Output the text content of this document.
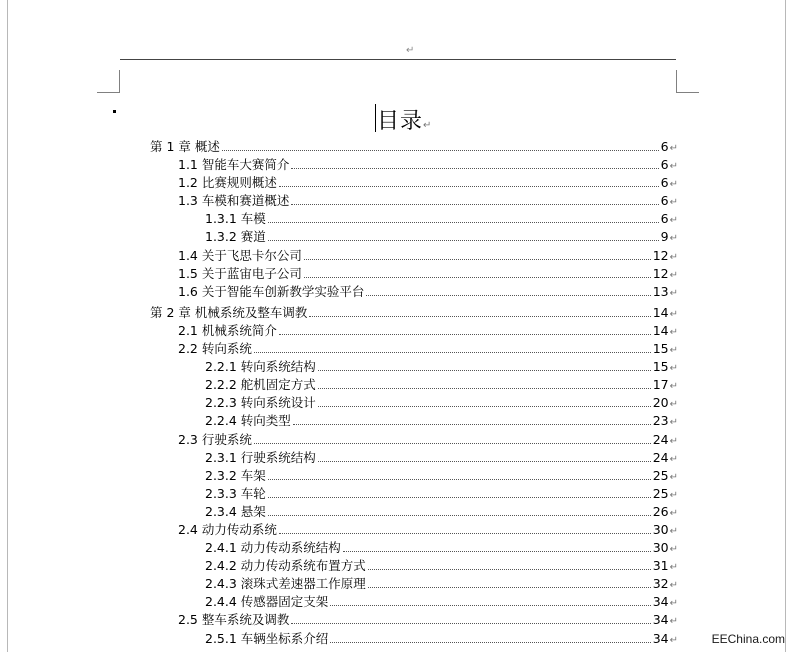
↵
目录↵
第 1 章 概述	6 ↵
1.1 智能车大赛简介	6 ↵
1.2 比赛规则概述	6 ↵
1.3 车模和赛道概述	6 ↵
1.3.1 车模	6 ↵
1.3.2 赛道	9 ↵
1.4 关于飞思卡尔公司	12 ↵
1.5 关于蓝宙电子公司	12 ↵
1.6 关于智能车创新教学实验平台	13 ↵
第 2 章 机械系统及整车调教	14 ↵
2.1 机械系统简介	14 ↵
2.2 转向系统	15 ↵
2.2.1 转向系统结构	15 ↵
2.2.2 舵机固定方式	17 ↵
2.2.3 转向系统设计	20 ↵
2.2.4 转向类型	23 ↵
2.3 行驶系统	24 ↵
2.3.1 行驶系统结构	24 ↵
2.3.2 车架	25 ↵
2.3.3 车轮	25 ↵
2.3.4 悬架	26 ↵
2.4 动力传动系统	30 ↵
2.4.1 动力传动系统结构	30 ↵
2.4.2 动力传动系统布置方式	31 ↵
2.4.3 滚珠式差速器工作原理	32 ↵
2.4.4 传感器固定支架	34 ↵
2.5 整车系统及调教	34 ↵
2.5.1 车辆坐标系介绍	34 ↵	EEChina.com
